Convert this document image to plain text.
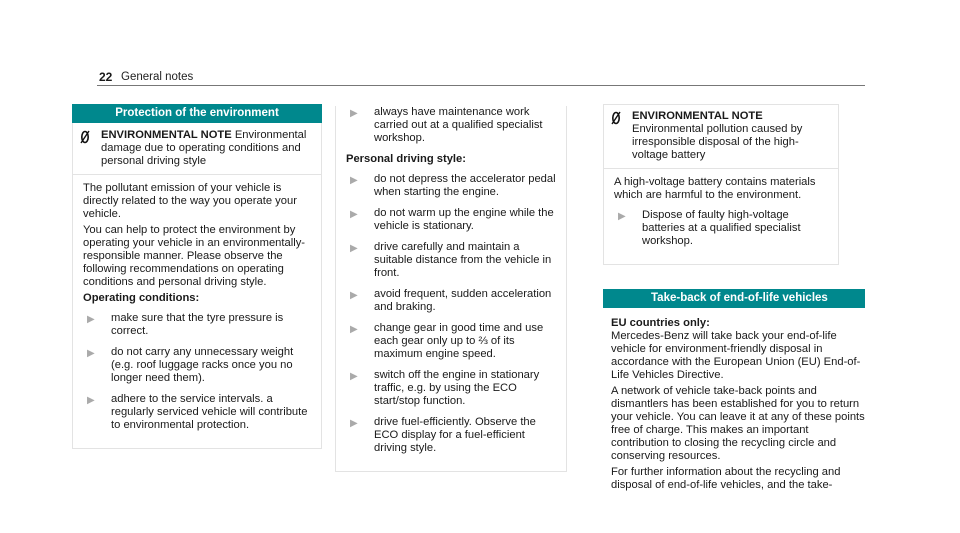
22 General notes
Protection of the environment
ENVIRONMENTAL NOTE Environmental damage due to operating conditions and personal driving style

The pollutant emission of your vehicle is directly related to the way you operate your vehicle.

You can help to protect the environment by operating your vehicle in an environmentally-responsible manner. Please observe the following recommendations on operating conditions and personal driving style.

Operating conditions:
▶	make sure that the tyre pressure is correct.
▶	do not carry any unnecessary weight (e.g. roof luggage racks once you no longer need them).
▶	adhere to the service intervals. a regularly serviced vehicle will contribute to environmental protection.
▶	always have maintenance work carried out at a qualified specialist workshop.
Personal driving style:
▶	do not depress the accelerator pedal when starting the engine.
▶	do not warm up the engine while the vehicle is stationary.
▶	drive carefully and maintain a suitable distance from the vehicle in front.
▶	avoid frequent, sudden acceleration and braking.
▶	change gear in good time and use each gear only up to ⅔ of its maximum engine speed.
▶	switch off the engine in stationary traffic, e.g. by using the ECO start/stop function.
▶	drive fuel-efficiently. Observe the ECO display for a fuel-efficient driving style.
ENVIRONMENTAL NOTE Environmental pollution caused by irresponsible disposal of the high-voltage battery

A high-voltage battery contains materials which are harmful to the environment.

▶	Dispose of faulty high-voltage batteries at a qualified specialist workshop.
Take-back of end-of-life vehicles
EU countries only:

Mercedes-Benz will take back your end-of-life vehicle for environment-friendly disposal in accordance with the European Union (EU) End-of-Life Vehicles Directive.

A network of vehicle take-back points and dismantlers has been established for you to return your vehicle. You can leave it at any of these points free of charge. This makes an important contribution to closing the recycling circle and conserving resources.

For further information about the recycling and disposal of end-of-life vehicles, and the take-
